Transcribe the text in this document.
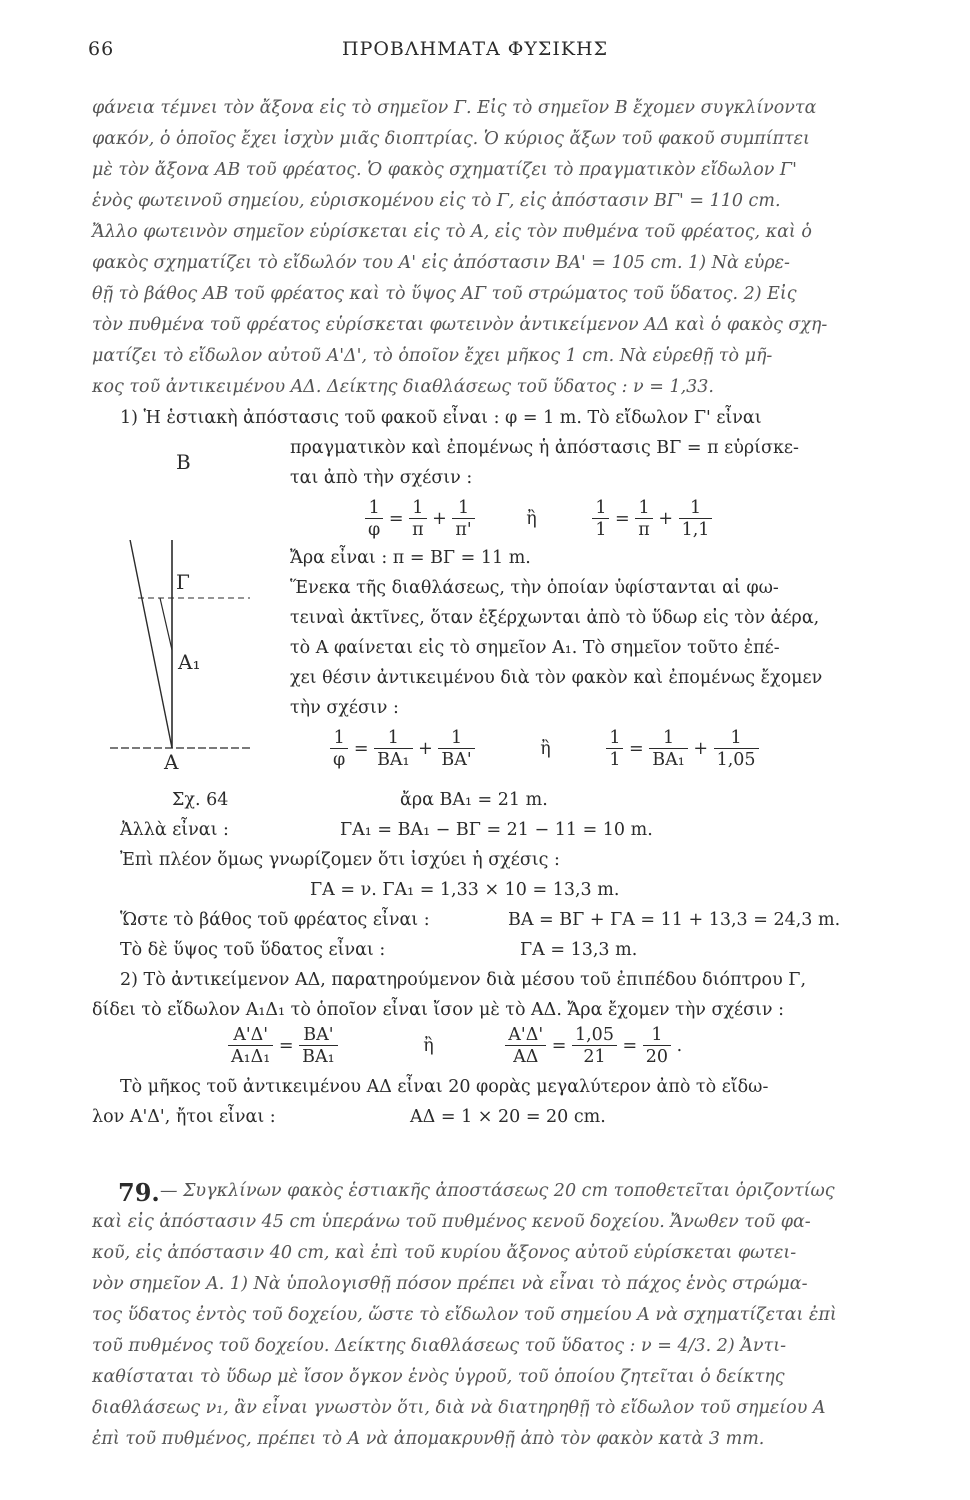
66	ΠΡΟΒΛΗΜΑΤΑ ΦΥΣΙΚΗΣ
φάνεια τέμνει τὸν ἄξονα εἰς τὸ σημεῖον Γ. Εἰς τὸ σημεῖον Β ἔχομεν συγκλίνοντα
φακόν, ὁ ὁποῖος ἔχει ἰσχὺν μιᾶς διοπτρίας. Ὁ κύριος ἄξων τοῦ φακοῦ συμπίπτει
μὲ τὸν ἄξονα ΑΒ τοῦ φρέατος. Ὁ φακὸς σχηματίζει τὸ πραγματικὸν εἴδωλον Γ'
ἑνὸς φωτεινοῦ σημείου, εὑρισκομένου εἰς τὸ Γ, εἰς ἀπόστασιν ΒΓ' = 110 cm.
Ἄλλο φωτεινὸν σημεῖον εὑρίσκεται εἰς τὸ Α, εἰς τὸν πυθμένα τοῦ φρέατος, καὶ ὁ
φακὸς σχηματίζει τὸ εἴδωλόν του Α' εἰς ἀπόστασιν ΒΑ' = 105 cm. 1) Νὰ εὑρε-
θῇ τὸ βάθος ΑΒ τοῦ φρέατος καὶ τὸ ὕψος ΑΓ τοῦ στρώματος τοῦ ὕδατος. 2) Εἰς
τὸν πυθμένα τοῦ φρέατος εὑρίσκεται φωτεινὸν ἀντικείμενον ΑΔ καὶ ὁ φακὸς σχη-
ματίζει τὸ εἴδωλον αὐτοῦ Α'Δ', τὸ ὁποῖον ἔχει μῆκος 1 cm. Νὰ εὑρεθῇ τὸ μῆ-
κος τοῦ ἀντικειμένου ΑΔ. Δείκτης διαθλάσεως τοῦ ὕδατος : ν = 1,33.
1) Ἡ ἑστιακὴ ἀπόστασις τοῦ φακοῦ εἶναι : φ = 1 m. Τὸ εἴδωλον Γ' εἶναι
πραγματικὸν καὶ ἐπομένως ἡ ἀπόστασις ΒΓ = π εὑρίσκε-
ται ἀπὸ τὴν σχέσιν :
$\frac{1}{\varphi} = \frac{1}{\pi} + \frac{1}{\pi'}$	ἢ	$\frac{1}{1} = \frac{1}{\pi} + \frac{1}{1,1}$
Ἄρα εἶναι : π = ΒΓ = 11 m.
Ἕνεκα τῆς διαθλάσεως, τὴν ὁποίαν ὑφίστανται αἱ φω-
τειναὶ ἀκτῖνες, ὅταν ἐξέρχωνται ἀπὸ τὸ ὕδωρ εἰς τὸν ἀέρα,
τὸ Α φαίνεται εἰς τὸ σημεῖον Α₁. Τὸ σημεῖον τοῦτο ἐπέ-
χει θέσιν ἀντικειμένου διὰ τὸν φακὸν καὶ ἐπομένως ἔχομεν
τὴν σχέσιν :
$\frac{1}{\varphi} = \frac{1}{\text{ΒΑ₁}} + \frac{1}{BA'}$	ἢ	$\frac{1}{1} = \frac{1}{\text{ΒΑ₁}} + \frac{1}{1,05}$
B
Γ
A₁
A
Σχ. 64	ἄρα ΒΑ₁ = 21 m.
Ἀλλὰ εἶναι :	ΓΑ₁ = ΒΑ₁ − ΒΓ = 21 − 11 = 10 m.
Ἐπὶ πλέον ὅμως γνωρίζομεν ὅτι ἰσχύει ἡ σχέσις :
ΓΑ = ν. ΓΑ₁ = 1,33 × 10 = 13,3 m.
Ὥστε τὸ βάθος τοῦ φρέατος εἶναι :	ΒΑ = ΒΓ + ΓΑ = 11 + 13,3 = 24,3 m.
Τὸ δὲ ὕψος τοῦ ὕδατος εἶναι :	ΓΑ = 13,3 m.
2) Τὸ ἀντικείμενον ΑΔ, παρατηρούμενον διὰ μέσου τοῦ ἐπιπέδου διόπτρου Γ,
δίδει τὸ εἴδωλον Α₁Δ₁ τὸ ὁποῖον εἶναι ἴσον μὲ τὸ ΑΔ. Ἄρα ἔχομεν τὴν σχέσιν :
$\frac{A'\Delta'}{\text{Α₁Δ₁}} = \frac{BA'}{\text{ΒΑ₁}}$	ἢ	$\frac{A'\Delta'}{A\Delta} = \frac{1,05}{21} = \frac{1}{20}$ .
Τὸ μῆκος τοῦ ἀντικειμένου ΑΔ εἶναι 20 φορὰς μεγαλύτερον ἀπὸ τὸ εἴδω-
λον Α'Δ', ἤτοι εἶναι :	ΑΔ = 1 × 20 = 20 cm.
79. — Συγκλίνων φακὸς ἑστιακῆς ἀποστάσεως 20 cm τοποθετεῖται ὁριζοντίως
καὶ εἰς ἀπόστασιν 45 cm ὑπεράνω τοῦ πυθμένος κενοῦ δοχείου. Ἄνωθεν τοῦ φα-
κοῦ, εἰς ἀπόστασιν 40 cm, καὶ ἐπὶ τοῦ κυρίου ἄξονος αὐτοῦ εὑρίσκεται φωτει-
νὸν σημεῖον Α. 1) Νὰ ὑπολογισθῇ πόσον πρέπει νὰ εἶναι τὸ πάχος ἑνὸς στρώμα-
τος ὕδατος ἐντὸς τοῦ δοχείου, ὥστε τὸ εἴδωλον τοῦ σημείου Α νὰ σχηματίζεται ἐπὶ
τοῦ πυθμένος τοῦ δοχείου. Δείκτης διαθλάσεως τοῦ ὕδατος : ν = 4/3. 2) Ἀντι-
καθίσταται τὸ ὕδωρ μὲ ἴσον ὄγκον ἑνὸς ὑγροῦ, τοῦ ὁποίου ζητεῖται ὁ δείκτης
διαθλάσεως ν₁, ἂν εἶναι γνωστὸν ὅτι, διὰ νὰ διατηρηθῇ τὸ εἴδωλον τοῦ σημείου Α
ἐπὶ τοῦ πυθμένος, πρέπει τὸ Α νὰ ἀπομακρυνθῇ ἀπὸ τὸν φακὸν κατὰ 3 mm.
